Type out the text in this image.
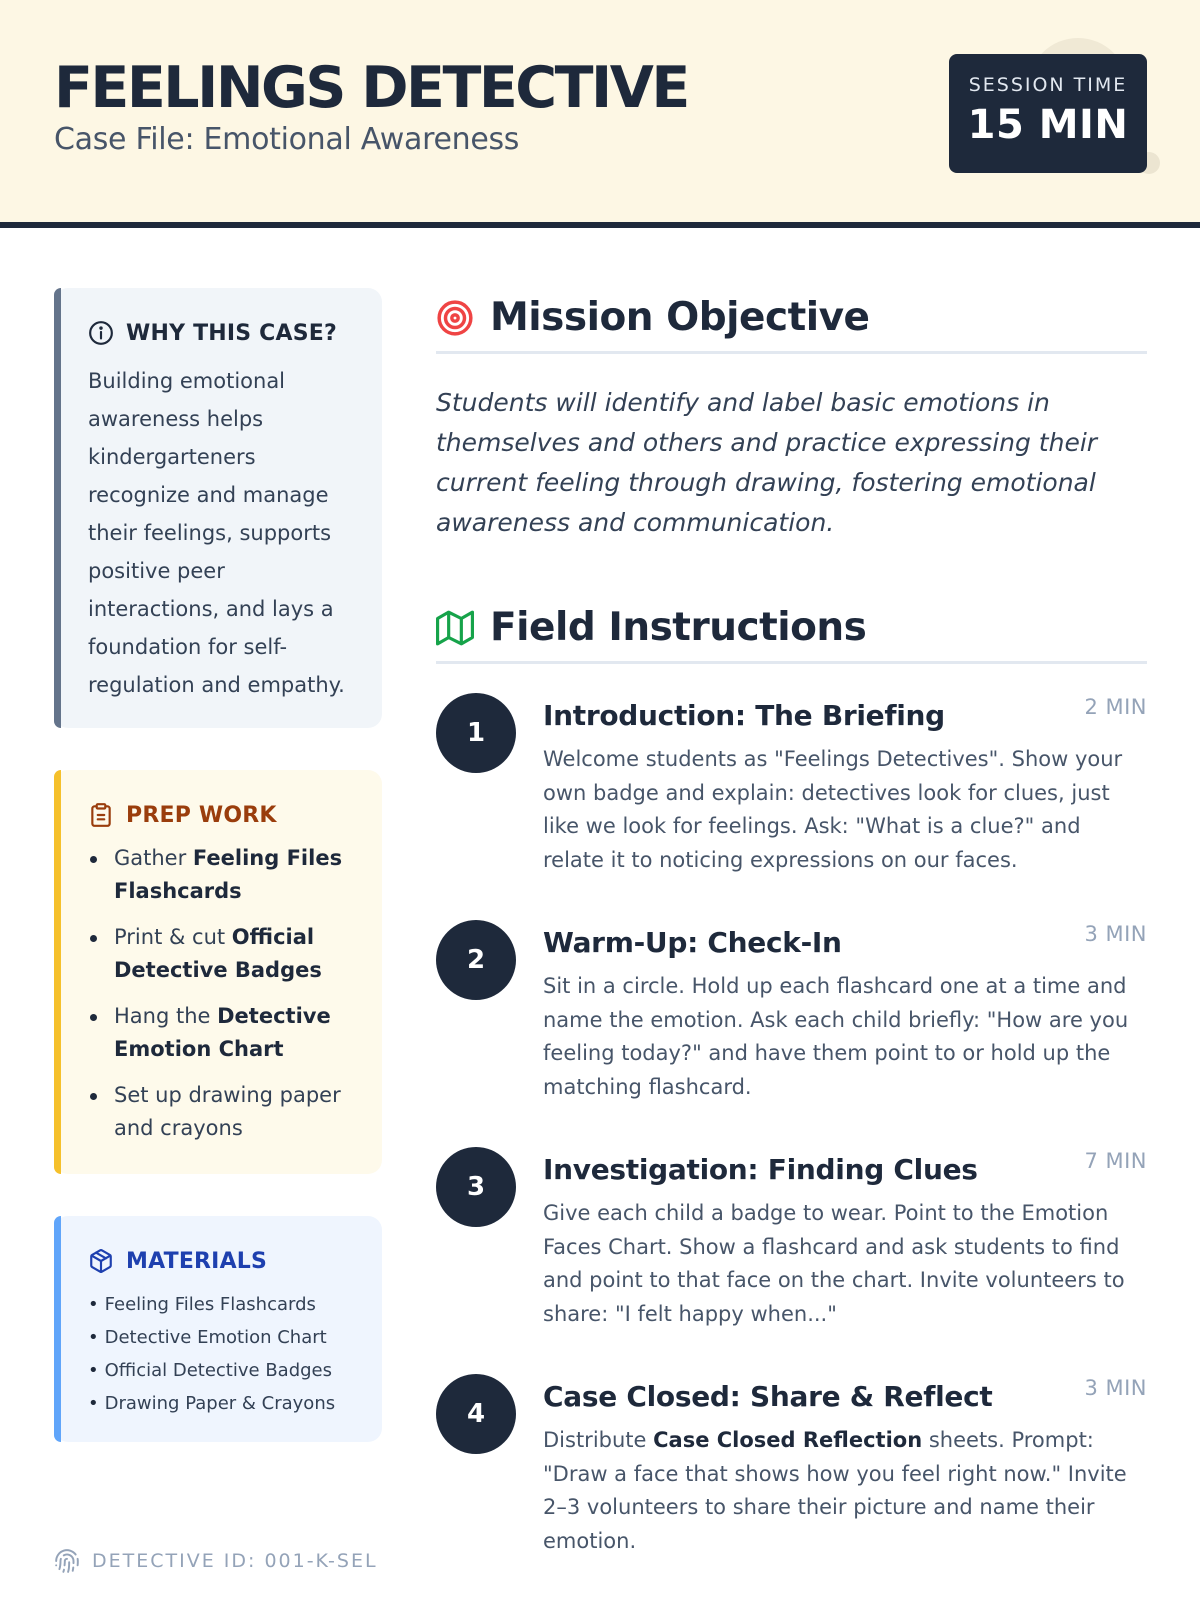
FEELINGS DETECTIVE
Case File: Emotional Awareness
SESSION TIME
15 MIN
WHY THIS CASE?

Building emotional awareness helps kindergarteners recognize and manage their feelings, supports positive peer interactions, and lays a foundation for self-regulation and empathy.

PREP WORK
Gather Feeling Files Flashcards
Print & cut Official Detective Badges
Hang the Detective Emotion Chart
Set up drawing paper and crayons
MATERIALS
• Feeling Files Flashcards
• Detective Emotion Chart
• Official Detective Badges
• Drawing Paper & Crayons
DETECTIVE ID: 001-K-SEL
Mission Objective

Students will identify and label basic emotions in themselves and others and practice expressing their current feeling through drawing, fostering emotional awareness and communication.

Field Instructions
1
Introduction: The Briefing	2 MIN

Welcome students as "Feelings Detectives". Show your own badge and explain: detectives look for clues, just like we look for feelings. Ask: "What is a clue?" and relate it to noticing expressions on our faces.

2
Warm-Up: Check-In	3 MIN

Sit in a circle. Hold up each flashcard one at a time and name the emotion. Ask each child briefly: "How are you feeling today?" and have them point to or hold up the matching flashcard.

3
Investigation: Finding Clues	7 MIN

Give each child a badge to wear. Point to the Emotion Faces Chart. Show a flashcard and ask students to find and point to that face on the chart. Invite volunteers to share: "I felt happy when..."

4
Case Closed: Share & Reflect	3 MIN

Distribute Case Closed Reflection sheets. Prompt: "Draw a face that shows how you feel right now." Invite 2–3 volunteers to share their picture and name their emotion.
